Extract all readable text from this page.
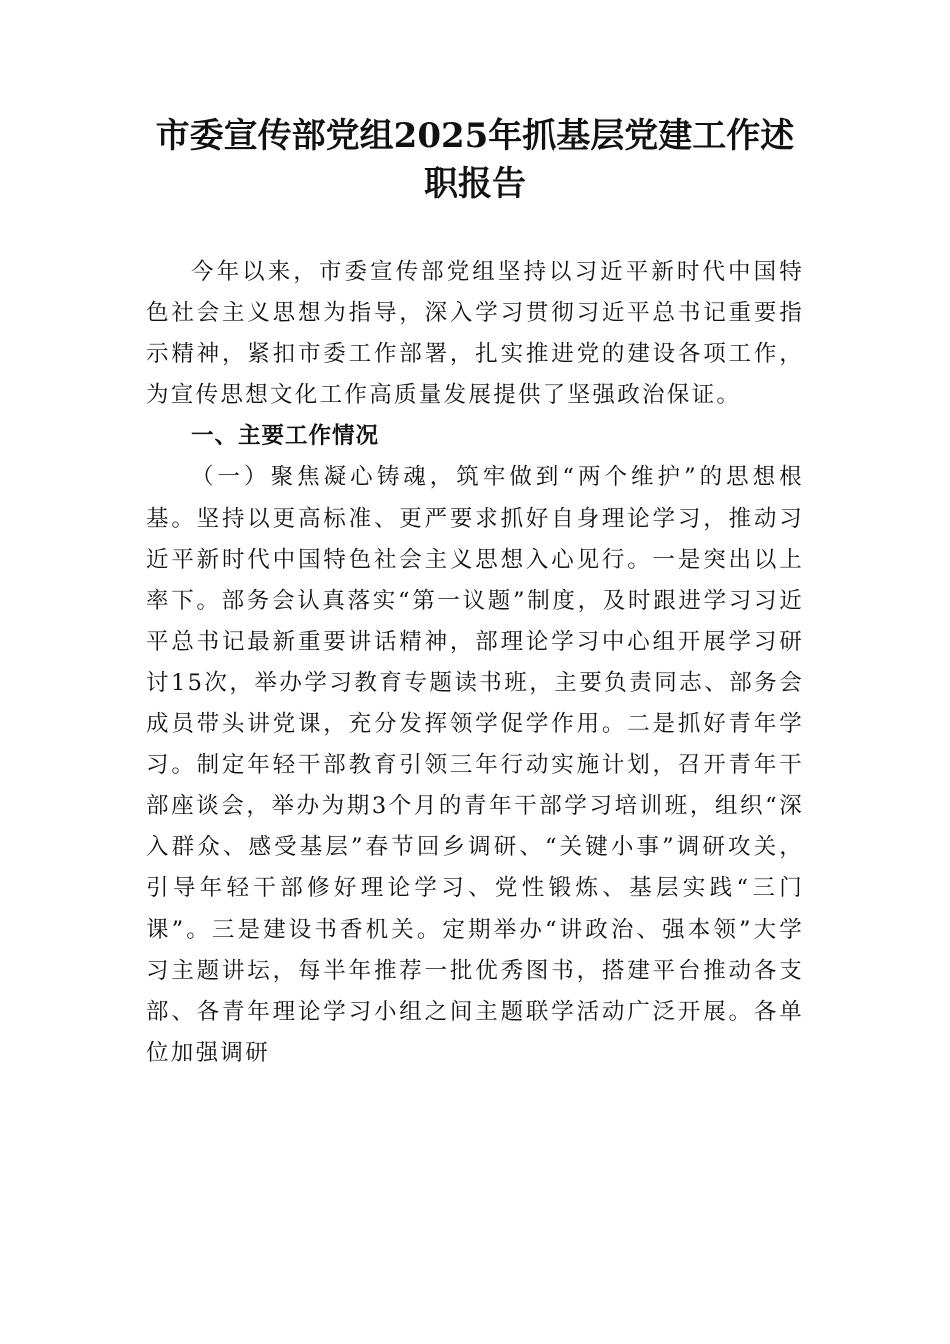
市委宣传部党组2025年抓基层党建工作述职报告

今年以来，市委宣传部党组坚持以习近平新时代中国特色社会主义思想为指导，深入学习贯彻习近平总书记重要指示精神，紧扣市委工作部署，扎实推进党的建设各项工作，为宣传思想文化工作高质量发展提供了坚强政治保证。

一、主要工作情况

（一）聚焦凝心铸魂，筑牢做到“两个维护”的思想根基。坚持以更高标准、更严要求抓好自身理论学习，推动习近平新时代中国特色社会主义思想入心见行。一是突出以上率下。部务会认真落实“第一议题”制度，及时跟进学习习近平总书记最新重要讲话精神，部理论学习中心组开展学习研讨15次，举办学习教育专题读书班，主要负责同志、部务会成员带头讲党课，充分发挥领学促学作用。二是抓好青年学习。制定年轻干部教育引领三年行动实施计划，召开青年干部座谈会，举办为期3个月的青年干部学习培训班，组织“深入群众、感受基层”春节回乡调研、“关键小事”调研攻关，引导年轻干部修好理论学习、党性锻炼、基层实践“三门课”。三是建设书香机关。定期举办“讲政治、强本领”大学习主题讲坛，每半年推荐一批优秀图书，搭建平台推动各支部、各青年理论学习小组之间主题联学活动广泛开展。各单位加强调研
